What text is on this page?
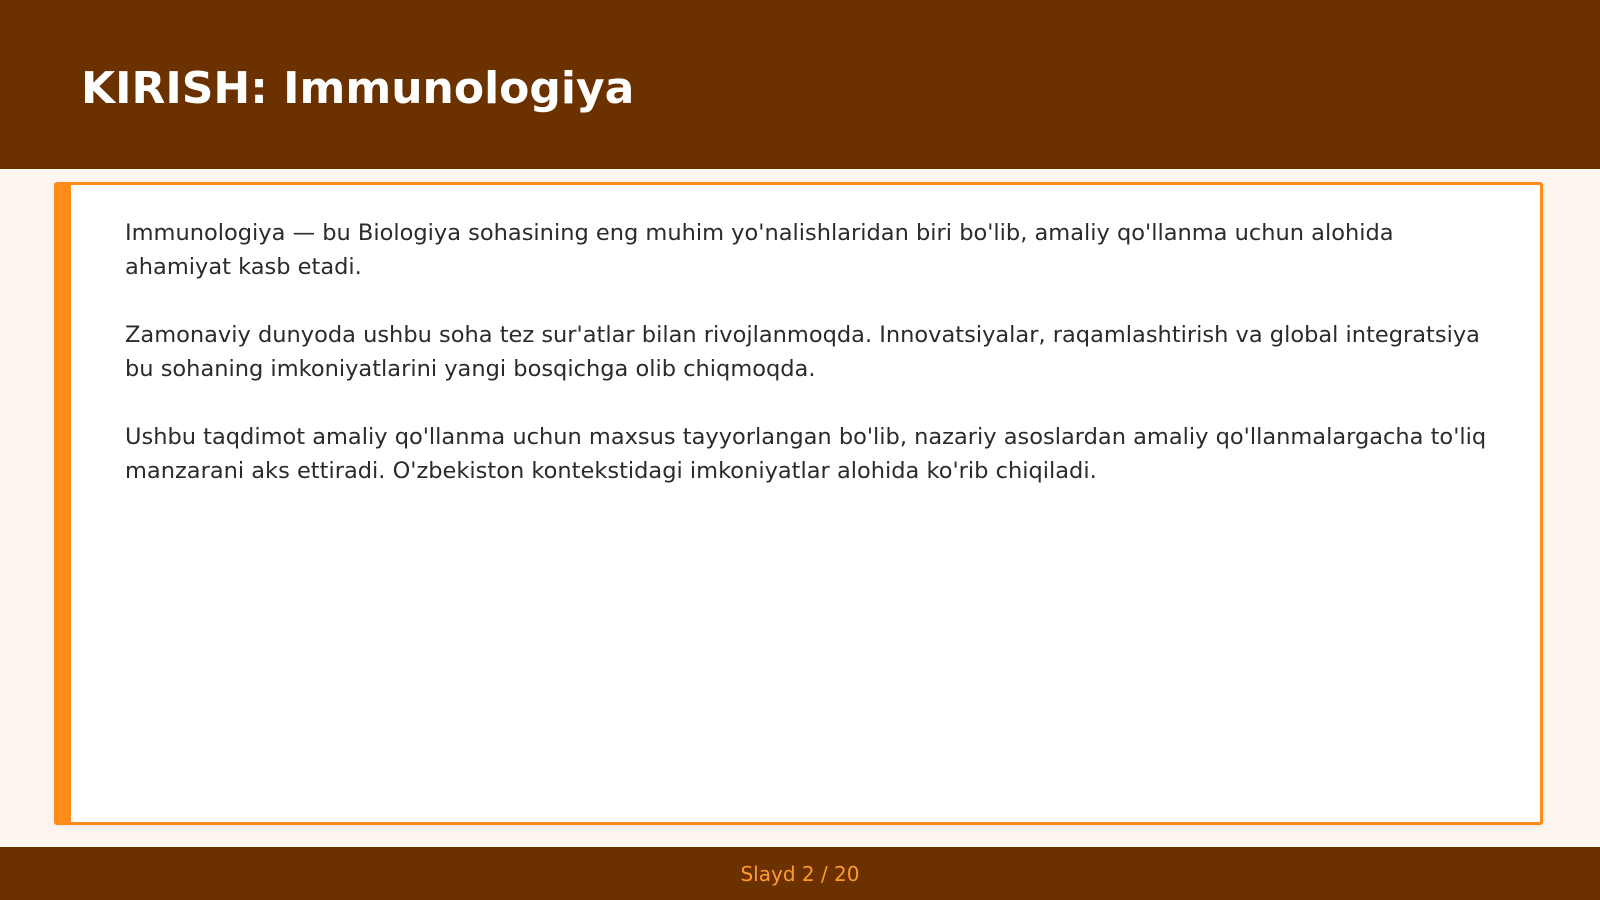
KIRISH: Immunologiya

Immunologiya — bu Biologiya sohasining eng muhim yo'nalishlaridan biri bo'lib, amaliy qo'llanma uchun alohida ahamiyat kasb etadi.

Zamonaviy dunyoda ushbu soha tez sur'atlar bilan rivojlanmoqda. Innovatsiyalar, raqamlashtirish va global integratsiya bu sohaning imkoniyatlarini yangi bosqichga olib chiqmoqda.

Ushbu taqdimot amaliy qo'llanma uchun maxsus tayyorlangan bo'lib, nazariy asoslardan amaliy qo'llanmalargacha to'liq manzarani aks ettiradi. O'zbekiston kontekstidagi imkoniyatlar alohida ko'rib chiqiladi.

Slayd 2 / 20
